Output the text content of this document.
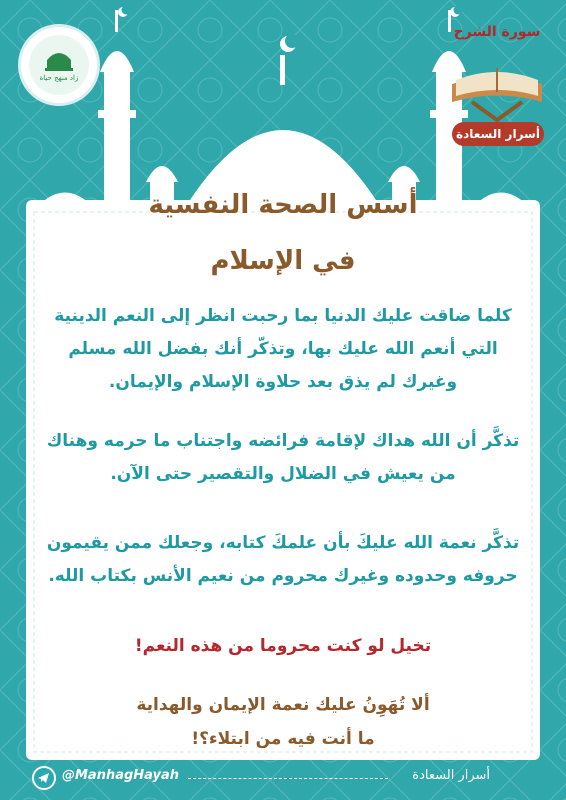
زاد منهج حياة
سورة الشرح
أسرار السعادة
أسس الصحة النفسية
في الإسلام
كلما ضاقت عليك الدنيا بما رحبت انظر إلى النعم الدينية التي أنعم الله عليك بها، وتذكّر أنك بفضل الله مسلم وغيرك لم يذق بعد حلاوة الإسلام والإيمان.
تذكَّر أن الله هداك لإقامة فرائضه واجتناب ما حرمه وهناك من يعيش في الضلال والتقصير حتى الآن.
تذكَّر نعمة الله عليكَ بأن علمكَ كتابه، وجعلك ممن يقيمون حروفه وحدوده وغيرك محروم من نعيم الأنس بكتاب الله.
تخيل لو كنت محروما من هذه النعم!
ألا تُهَوِنُ عليك نعمة الإيمان والهداية
ما أنت فيه من ابتلاء؟!
@ManhagHayah	أسرار السعادة
